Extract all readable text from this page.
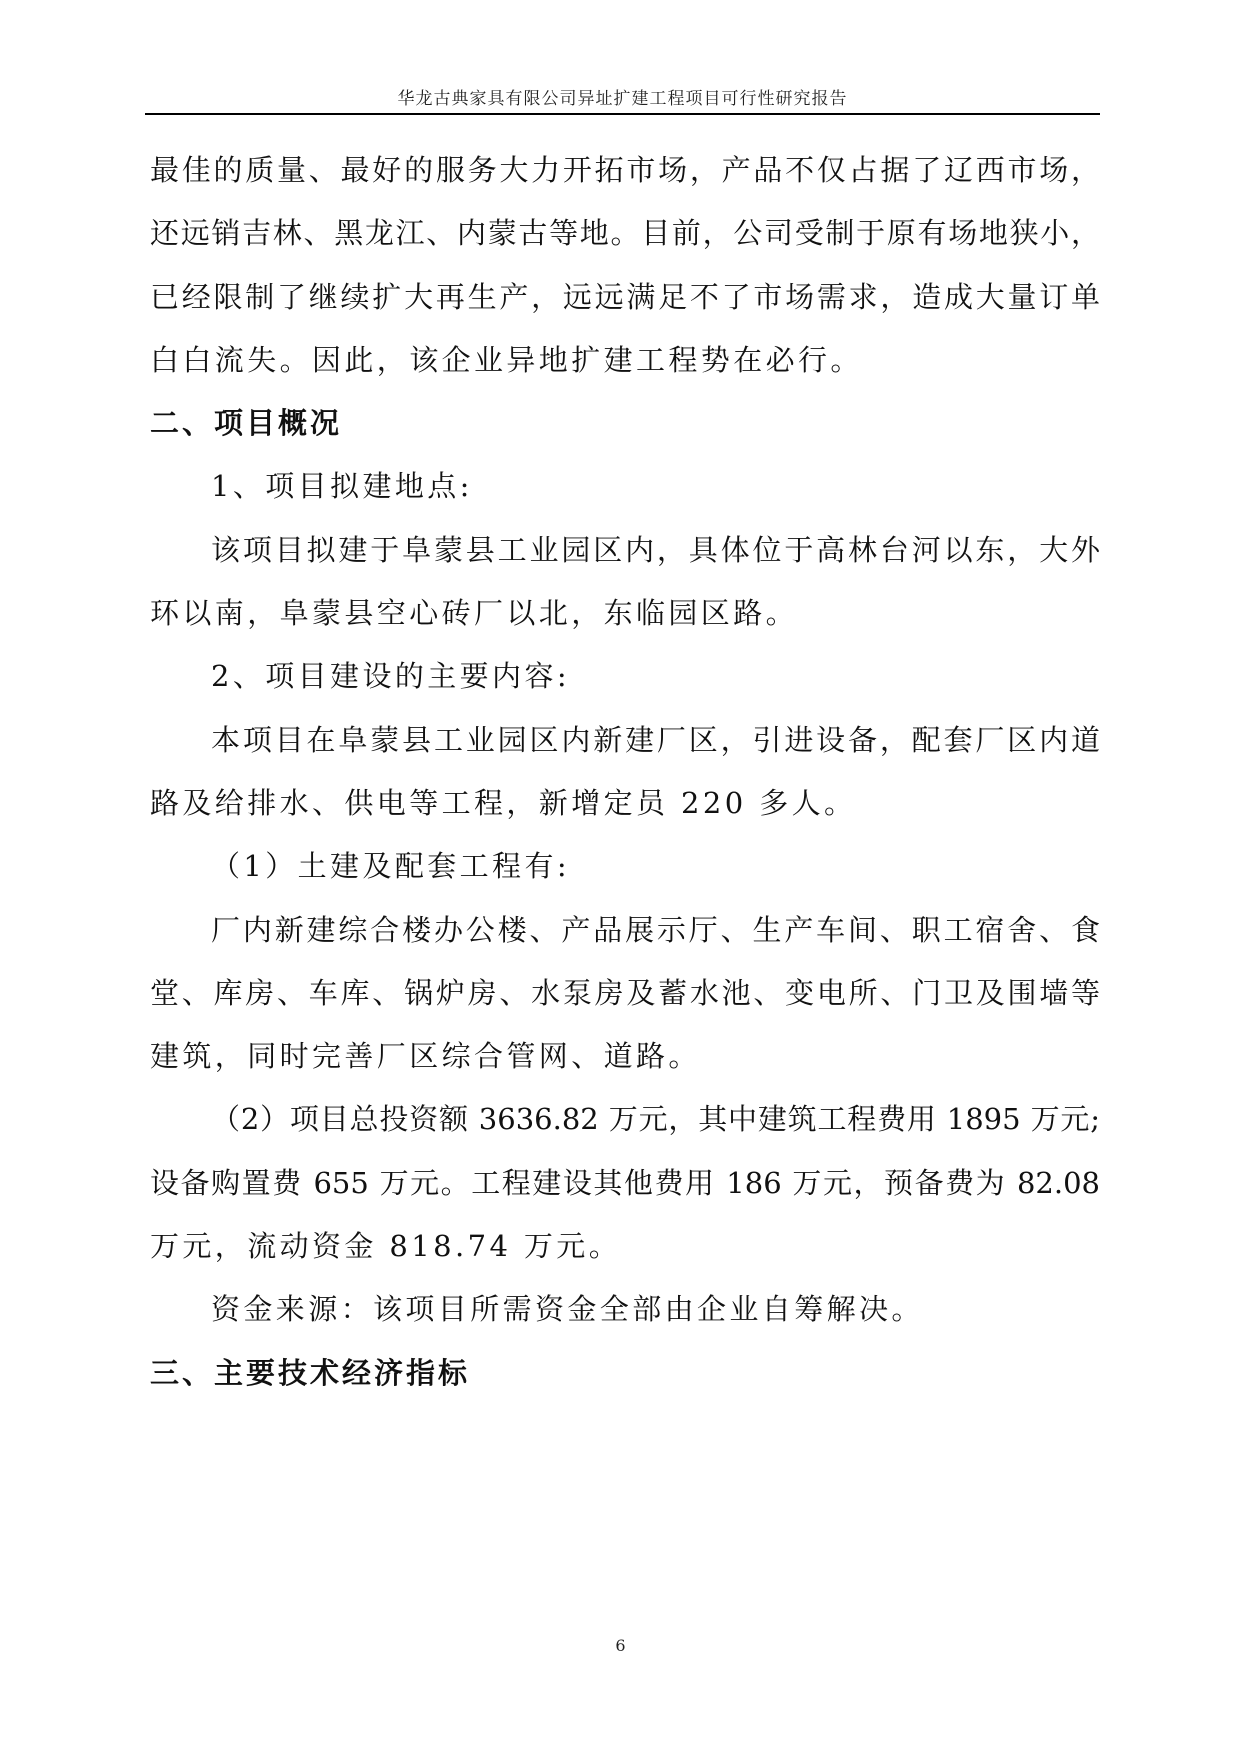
华龙古典家具有限公司异址扩建工程项目可行性研究报告
最佳的质量、最好的服务大力开拓市场，产品不仅占据了辽西市场，
还远销吉林、黑龙江、内蒙古等地。目前，公司受制于原有场地狭小，
已经限制了继续扩大再生产，远远满足不了市场需求，造成大量订单
白白流失。因此，该企业异地扩建工程势在必行。
二、项目概况
1、项目拟建地点:
该项目拟建于阜蒙县工业园区内，具体位于高林台河以东，大外
环以南，阜蒙县空心砖厂以北，东临园区路。
2、项目建设的主要内容:
本项目在阜蒙县工业园区内新建厂区，引进设备，配套厂区内道
路及给排水、供电等工程，新增定员 220 多人。
（1）土建及配套工程有:
厂内新建综合楼办公楼、产品展示厅、生产车间、职工宿舍、食
堂、库房、车库、锅炉房、水泵房及蓄水池、变电所、门卫及围墙等
建筑，同时完善厂区综合管网、道路。
（2）项目总投资额 3636.82 万元，其中建筑工程费用 1895 万元;
设备购置费 655 万元。工程建设其他费用 186 万元，预备费为 82.08
万元，流动资金 818.74 万元。
资金来源：该项目所需资金全部由企业自筹解决。
三、主要技术经济指标
6
